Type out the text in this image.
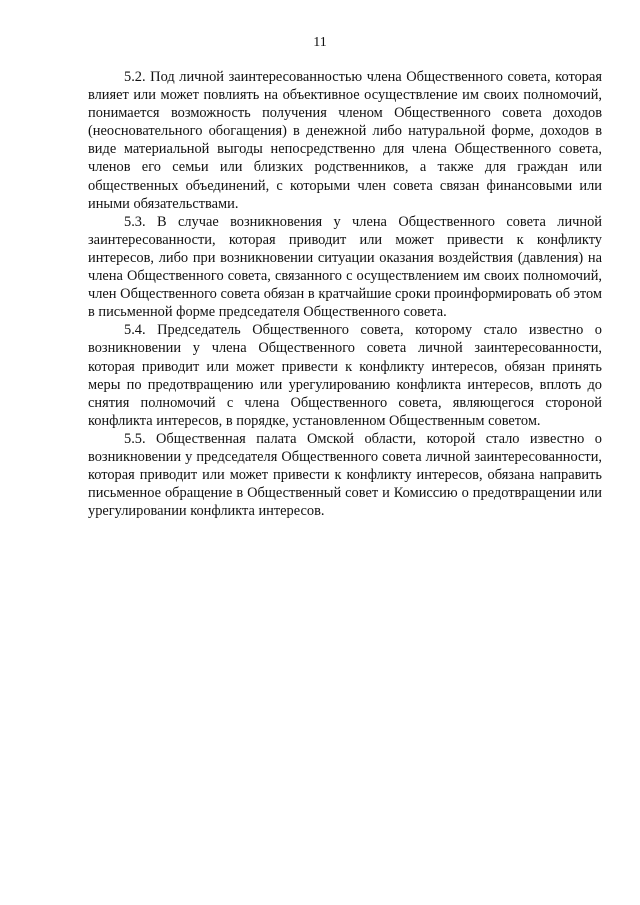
11

5.2. Под личной заинтересованностью члена Общественного совета, которая влияет или может повлиять на объективное осуществление им своих полномочий, понимается возможность получения членом Общественного совета доходов (неосновательного обогащения) в денежной либо натуральной форме, доходов в виде материальной выгоды непосредственно для члена Общественного совета, членов его семьи или близких родственников, а также для граждан или общественных объединений, с которыми член совета связан финансовыми или иными обязательствами.

5.3. В случае возникновения у члена Общественного совета личной заинтересованности, которая приводит или может привести к конфликту интересов, либо при возникновении ситуации оказания воздействия (давления) на члена Общественного совета, связанного с осуществлением им своих полномочий, член Общественного совета обязан в кратчайшие сроки проинформировать об этом в письменной форме председателя Общественного совета.

5.4. Председатель Общественного совета, которому стало известно о возникновении у члена Общественного совета личной заинтересованности, которая приводит или может привести к конфликту интересов, обязан принять меры по предотвращению или урегулированию конфликта интересов, вплоть до снятия полномочий с члена Общественного совета, являющегося стороной конфликта интересов, в порядке, установленном Общественным советом.

5.5. Общественная палата Омской области, которой стало известно о возникновении у председателя Общественного совета личной заинтересованности, которая приводит или может привести к конфликту интересов, обязана направить письменное обращение в Общественный совет и Комиссию о предотвращении или урегулировании конфликта интересов.
